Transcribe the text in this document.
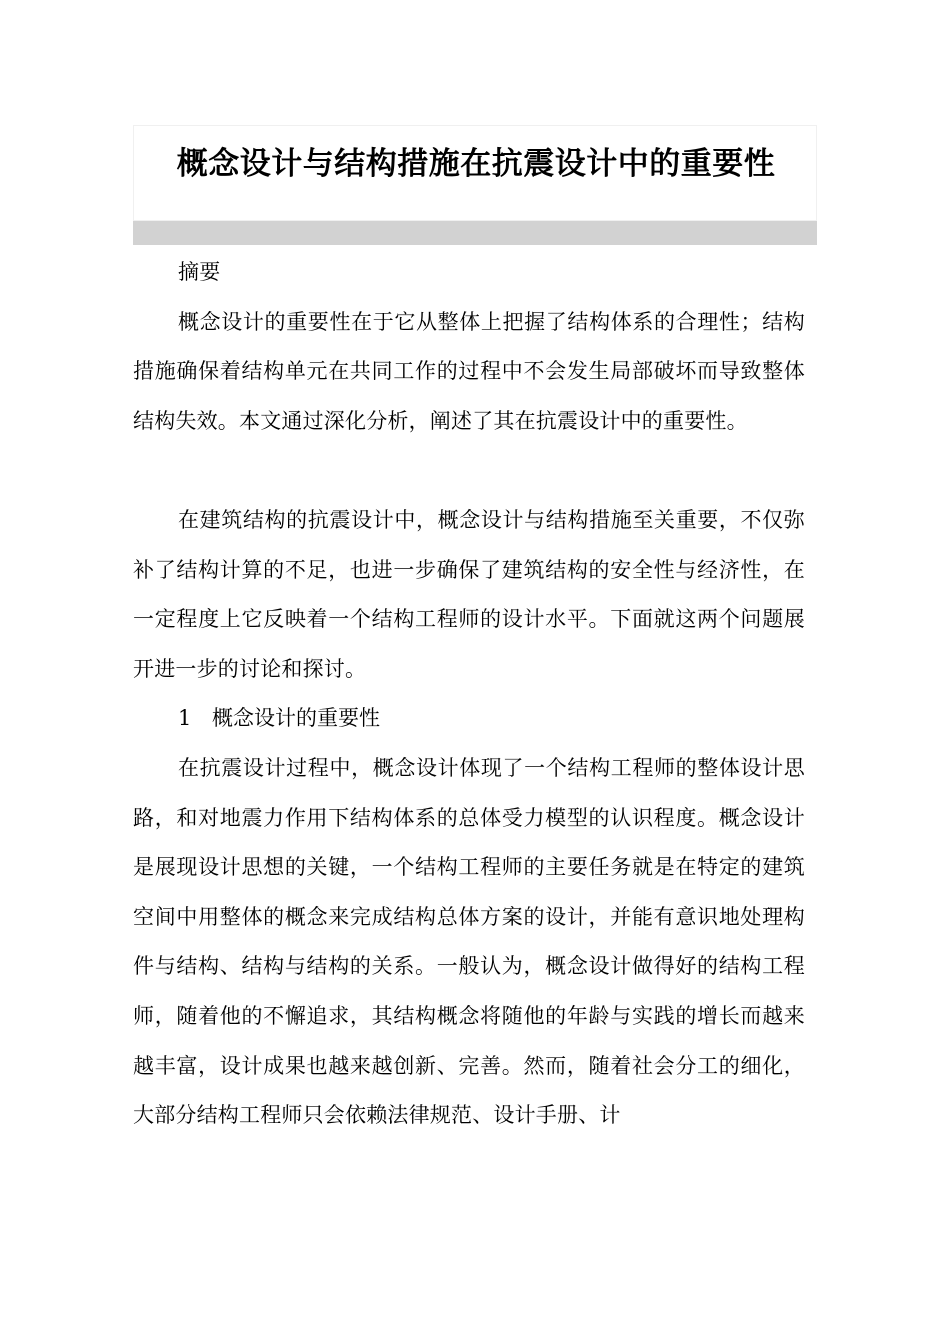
概念设计与结构措施在抗震设计中的重要性

摘要

概念设计的重要性在于它从整体上把握了结构体系的合理性；结构措施确保着结构单元在共同工作的过程中不会发生局部破坏而导致整体结构失效。本文通过深化分析，阐述了其在抗震设计中的重要性。

在建筑结构的抗震设计中，概念设计与结构措施至关重要，不仅弥补了结构计算的不足，也进一步确保了建筑结构的安全性与经济性，在一定程度上它反映着一个结构工程师的设计水平。下面就这两个问题展开进一步的讨论和探讨。

1 概念设计的重要性

在抗震设计过程中，概念设计体现了一个结构工程师的整体设计思路，和对地震力作用下结构体系的总体受力模型的认识程度。概念设计是展现设计思想的关键，一个结构工程师的主要任务就是在特定的建筑空间中用整体的概念来完成结构总体方案的设计，并能有意识地处理构件与结构、结构与结构的关系。一般认为，概念设计做得好的结构工程师，随着他的不懈追求，其结构概念将随他的年龄与实践的增长而越来越丰富，设计成果也越来越创新、完善。然而，随着社会分工的细化，大部分结构工程师只会依赖法律规范、设计手册、计
